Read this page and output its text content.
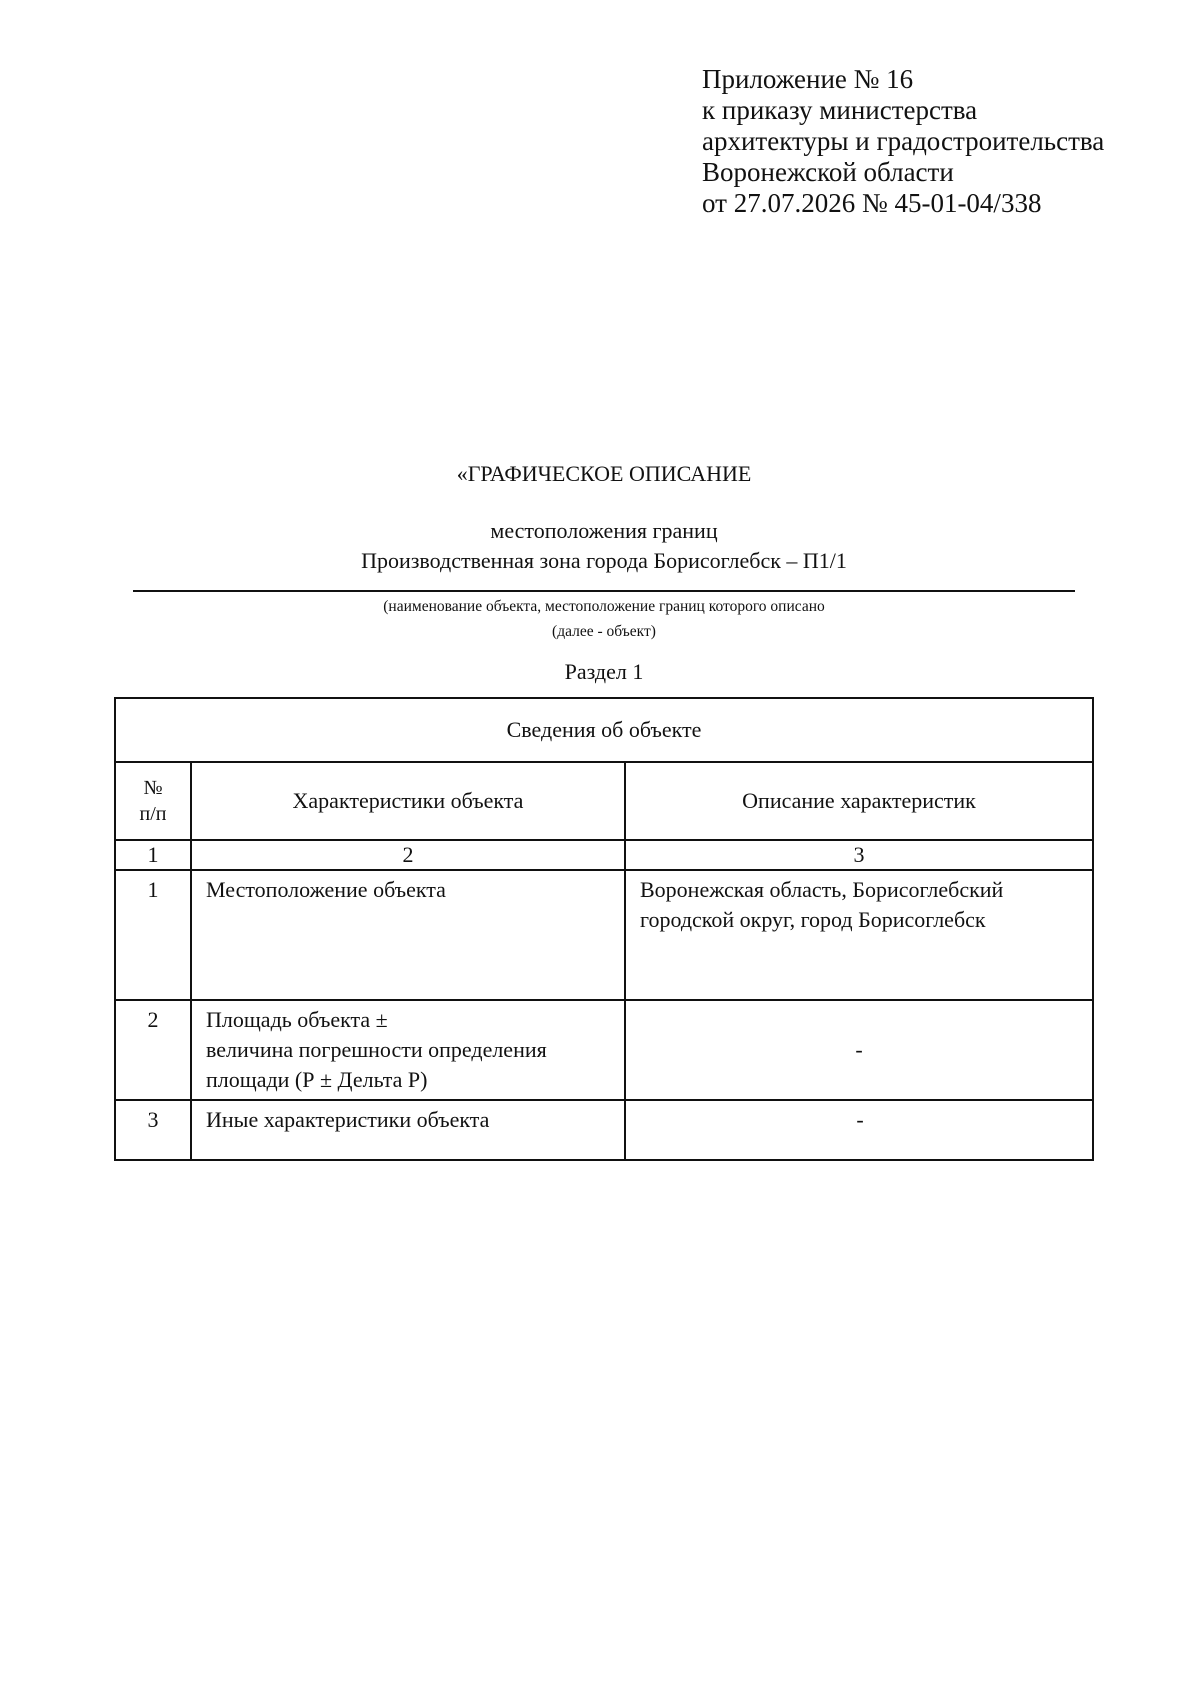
Приложение № 16
к приказу министерства
архитектуры и градостроительства
Воронежской области
от 27.07.2026 № 45-01-04/338
«ГРАФИЧЕСКОЕ ОПИСАНИЕ
местоположения границ
Производственная зона города Борисоглебск – П1/1
(наименование объекта, местоположение границ которого описано
(далее - объект)
Раздел 1
Сведения об объекте		

№
п/п	Характеристики объекта	Описание характеристик
1	2	3
1	Местоположение объекта	Воронежская область, Борисоглебский
городской округ, город Борисоглебск

2	Площадь объекта ±
величина погрешности определения
площади (Р ± Дельта Р)	-

3	Иные характеристики объекта	-
